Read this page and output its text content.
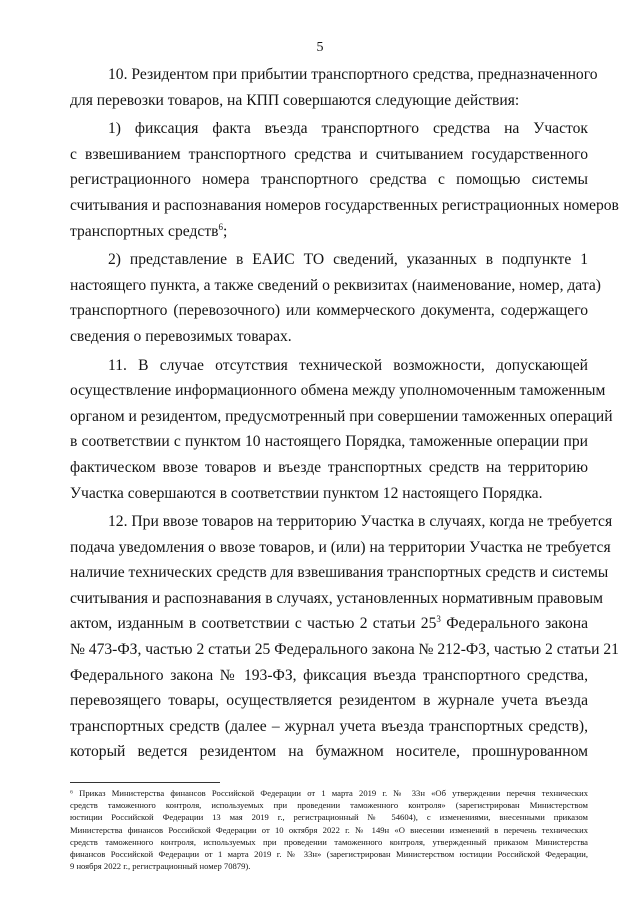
5
10. Резидентом при прибытии транспортного средства, предназначенного
для перевозки товаров, на КПП совершаются следующие действия:
1) фиксация факта въезда транспортного средства на Участок
с взвешиванием транспортного средства и считыванием государственного
регистрационного номера транспортного средства с помощью системы
считывания и распознавания номеров государственных регистрационных номеров
транспортных средств$^6$;
2) представление в ЕАИС ТО сведений, указанных в подпункте 1
настоящего пункта, а также сведений о реквизитах (наименование, номер, дата)
транспортного (перевозочного) или коммерческого документа, содержащего
сведения о перевозимых товарах.
11. В случае отсутствия технической возможности, допускающей
осуществление информационного обмена между уполномоченным таможенным
органом и резидентом, предусмотренный при совершении таможенных операций
в соответствии с пунктом 10 настоящего Порядка, таможенные операции при
фактическом ввозе товаров и въезде транспортных средств на территорию
Участка совершаются в соответствии пунктом 12 настоящего Порядка.
12. При ввозе товаров на территорию Участка в случаях, когда не требуется
подача уведомления о ввозе товаров, и (или) на территории Участка не требуется
наличие технических средств для взвешивания транспортных средств и системы
считывания и распознавания в случаях, установленных нормативным правовым
актом, изданным в соответствии с частью 2 статьи $25^3$ Федерального закона
№ 473-ФЗ, частью 2 статьи 25 Федерального закона № 212-ФЗ, частью 2 статьи 21
Федерального закона № 193-ФЗ, фиксация въезда транспортного средства,
перевозящего товары, осуществляется резидентом в журнале учета въезда
транспортных средств (далее – журнал учета въезда транспортных средств),
который ведется резидентом на бумажном носителе, прошнурованном
⁶ Приказ Министерства финансов Российской Федерации от 1 марта 2019 г. № 33н «Об утверждении перечня технических
средств таможенного контроля, используемых при проведении таможенного контроля» (зарегистрирован Министерством
юстиции Российской Федерации 13 мая 2019 г., регистрационный № 54604), с изменениями, внесенными приказом
Министерства финансов Российской Федерации от 10 октября 2022 г. № 149н «О внесении изменений в перечень технических
средств таможенного контроля, используемых при проведении таможенного контроля, утвержденный приказом Министерства
финансов Российской Федерации от 1 марта 2019 г. № 33н» (зарегистрирован Министерством юстиции Российской Федерации,
9 ноября 2022 г., регистрационный номер 70879).
